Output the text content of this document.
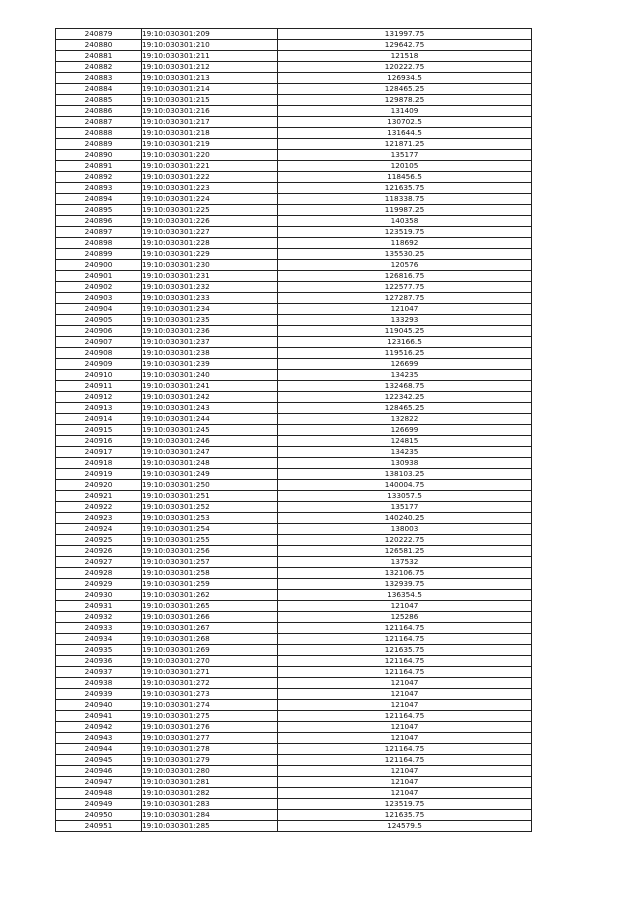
240879	19:10:030301:209	131997.75
240880	19:10:030301:210	129642.75
240881	19:10:030301:211	121518
240882	19:10:030301:212	120222.75
240883	19:10:030301:213	126934.5
240884	19:10:030301:214	128465.25
240885	19:10:030301:215	129878.25
240886	19:10:030301:216	131409
240887	19:10:030301:217	130702.5
240888	19:10:030301:218	131644.5
240889	19:10:030301:219	121871.25
240890	19:10:030301:220	135177
240891	19:10:030301:221	120105
240892	19:10:030301:222	118456.5
240893	19:10:030301:223	121635.75
240894	19:10:030301:224	118338.75
240895	19:10:030301:225	119987.25
240896	19:10:030301:226	140358
240897	19:10:030301:227	123519.75
240898	19:10:030301:228	118692
240899	19:10:030301:229	135530.25
240900	19:10:030301:230	120576
240901	19:10:030301:231	126816.75
240902	19:10:030301:232	122577.75
240903	19:10:030301:233	127287.75
240904	19:10:030301:234	121047
240905	19:10:030301:235	133293
240906	19:10:030301:236	119045.25
240907	19:10:030301:237	123166.5
240908	19:10:030301:238	119516.25
240909	19:10:030301:239	126699
240910	19:10:030301:240	134235
240911	19:10:030301:241	132468.75
240912	19:10:030301:242	122342.25
240913	19:10:030301:243	128465.25
240914	19:10:030301:244	132822
240915	19:10:030301:245	126699
240916	19:10:030301:246	124815
240917	19:10:030301:247	134235
240918	19:10:030301:248	130938
240919	19:10:030301:249	138103.25
240920	19:10:030301:250	140004.75
240921	19:10:030301:251	133057.5
240922	19:10:030301:252	135177
240923	19:10:030301:253	140240.25
240924	19:10:030301:254	138003
240925	19:10:030301:255	120222.75
240926	19:10:030301:256	126581.25
240927	19:10:030301:257	137532
240928	19:10:030301:258	132106.75
240929	19:10:030301:259	132939.75
240930	19:10:030301:262	136354.5
240931	19:10:030301:265	121047
240932	19:10:030301:266	125286
240933	19:10:030301:267	121164.75
240934	19:10:030301:268	121164.75
240935	19:10:030301:269	121635.75
240936	19:10:030301:270	121164.75
240937	19:10:030301:271	121164.75
240938	19:10:030301:272	121047
240939	19:10:030301:273	121047
240940	19:10:030301:274	121047
240941	19:10:030301:275	121164.75
240942	19:10:030301:276	121047
240943	19:10:030301:277	121047
240944	19:10:030301:278	121164.75
240945	19:10:030301:279	121164.75
240946	19:10:030301:280	121047
240947	19:10:030301:281	121047
240948	19:10:030301:282	121047
240949	19:10:030301:283	123519.75
240950	19:10:030301:284	121635.75
240951	19:10:030301:285	124579.5
